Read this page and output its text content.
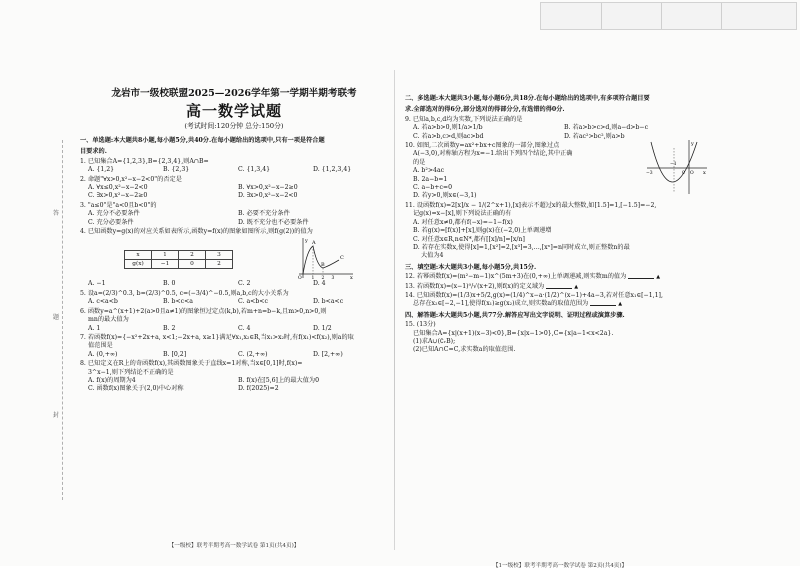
答
题
封
龙岩市一级校联盟2025—2026学年第一学期半期考联考
高一数学试题
(考试时间:120分钟 总分:150分)
一、单选题:本大题共8小题,每小题5分,共40分.在每小题给出的选项中,只有一项是符合题
目要求的.
1. 已知集合A={1,2,3},B={2,3,4},则A∩B=
A. {1,2}	B. {2,3}	C. {1,3,4}	D. {1,2,3,4}
2. 命题"∀x>0,x²−x−2<0"的否定是
A. ∀x≤0,x²−x−2<0	B. ∀x>0,x²−x−2≥0
C. ∃x>0,x²−x−2≥0	D. ∃x>0,x²−x−2<0
3. "a≤0"是"a<0且b<0"的
A. 充分不必要条件	B. 必要不充分条件
C. 充分必要条件	D. 既不充分也不必要条件
4. 已知函数y=g(x)的对应关系如表所示,函数y=f(x)的图象如图所示,则f(g(2))的值为
x	1	2	3
g(x)	−1	0	2
A
C
B
y
O	x
1 2 3
A. −1	B. 0	C. 2	D. 4
5. 设a=(2/3)^0.3, b=(2/3)^0.5, c=(−3/4)^−0.5,则a,b,c的大小关系为
A. c<a<b	B. b<c<a	C. a<b<c	D. b<a<c
6. 函数y=a^(x+1)+2(a>0且a≠1)的图象恒过定点(k,b),若m+n=b−k,且m>0,n>0,则
mn的最大值为
A. 1	B. 2	C. 4	D. 1/2
7. 若函数f(x)={−x²+2x+a, x<1;−2x+a, x≥1}满足∀x₁,x₂∈R,当x₁>x₂时,有f(x₁)<f(x₂),则a的取
值范围是
A. (0,+∞)	B. [0,2]	C. (2,+∞)	D. [2,+∞)
8. 已知定义在R上的奇函数f(x),其函数图象关于直线x=1对称,当x∈[0,1]时,f(x)=
3^x−1,则下列结论不正确的是
A. f(x)的周期为4	B. f(x)在[5,6]上的最大值为0
C. 函数f(x)图象关于(2,0)中心对称	D. f(2025)=2
【一级校】联考半期考高一数学试卷 第1页(共4页)】
二、多选题:本大题共3小题,每小题6分,共18分.在每小题给出的选项中,有多项符合题目要
求.全部选对的得6分,部分选对的得部分分,有选错的得0分.
9. 已知a,b,c,d均为实数,下列说法正确的是
A. 若a>b>0,则1/a>1/b	B. 若a>b>c>d,则a−d>b−c
C. 若a>b,c>d,则ac>bd	D. 若ac²>bc²,则a>b
10. 如图,二次函数y=ax²+bx+c图象的一部分,图象过点
A(−3,0),对称轴方程为x=−1.给出下列四个结论,其中正确
的是
A. b²>4ac
B. 2a−b=1
C. a−b+c=0
D. 若y>0,则x∈(−3,1)
y
x
O
−3
−1
0
11. 设函数f(x)=2[x]/x − 1/(2^x+1),[x]表示不超过x的最大整数,如[1.5]=1,[−1.5]=−2,
记g(x)=x−[x],则下列说法正确的有
A. 对任意x≠0,都有f(−x)=−1−f(x)
B. 若g(x)=[f(x)]+[x],则g(x)在(−2,0)上单调递增
C. 对任意x∈R,n∈N*,都有[[x]/n]=[x/n]
D. 若存在实数x,使得[x]=1,[x²]=2,[x³]=3,…,[xⁿ]=n同时成立,则正整数n的最
大值为4
三、填空题:本大题共3小题,每小题5分,共15分.
12. 若幂函数f(x)=(m²−m−1)x^(5m+3)在(0,+∞)上单调递减,则实数m的值为	▲
13. 若函数f(x)=(x−1)⁰/√(x+2),则f(x)的定义域为	▲
14. 已知函数f(x)=(1/3)x+5/2,g(x)=(1/4)^x−a·(1/2)^(x−1)+4a−3,若对任意x₁∈[−1,1],
总存在x₂∈[−2,−1],使得f(x₁)≥g(x₂)成立,则实数a的取值范围为	▲
四、解答题:本大题共5小题,共77分.解答应写出文字说明、证明过程或演算步骤.
15. (13分)
已知集合A={x|(x+1)(x−3)<0},B={x|x−1>0},C={x|a−1<x<2a}.
(1)求A∪(∁ᵣB);
(2)已知A∩C=C,求实数a的取值范围.
【1一级校】联考半期考高一数学试卷 第2页(共4页)】
